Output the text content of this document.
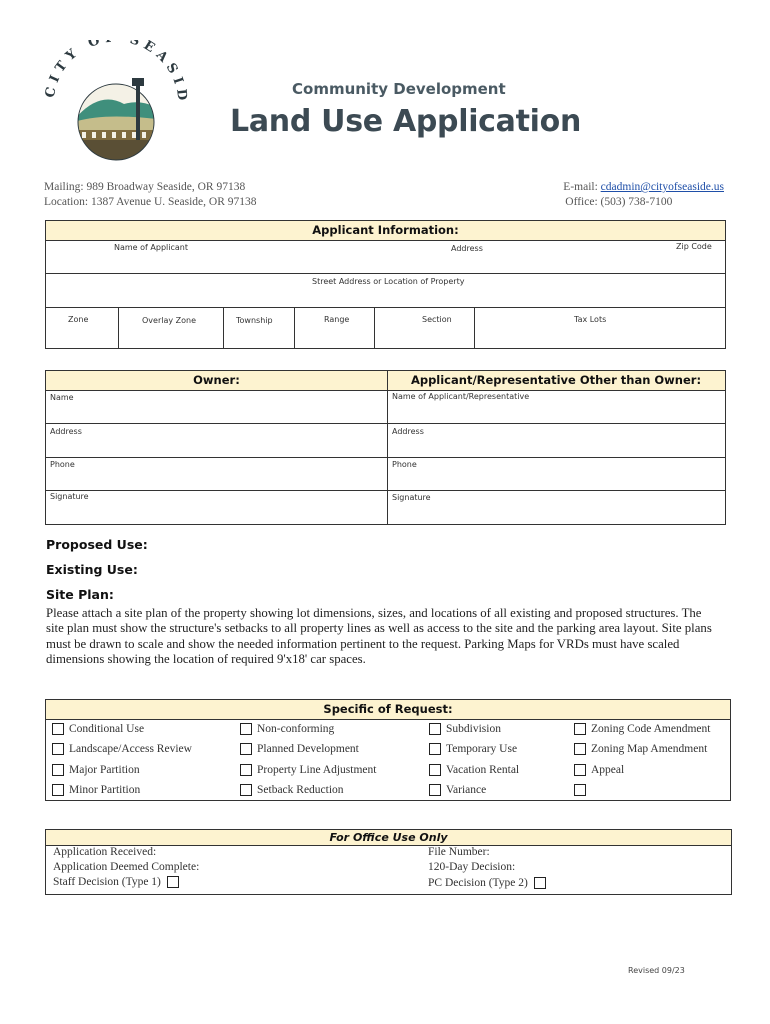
CITY O SEASI	Community Development
Land Use Application
Mailing: 989 Broadway Seaside, OR 97138
Location: 1387 Avenue U. Seaside, OR 97138
E-mail: cdadmin@cityofseaside.us
Office: (503) 738-7100
Applicant Information:
Name of Applicant	Address	Zip Code
Street Address or Location of Property
Zone	Overlay Zone	Township	Range	Section	Tax Lots
Owner:	Applicant/Representative Other than Owner:
Name	Name of Applicant/Representative
Address	Address
Phone	Phone
Signature	Signature
Proposed Use:
Existing Use:
Site Plan:
Please attach a site plan of the property showing lot dimensions, sizes, and locations of all existing and proposed structures. The site plan must show the structure's setbacks to all property lines as well as access to the site and the parking area layout. Site plans must be drawn to scale and show the needed information pertinent to the request. Parking Maps for VRDs must have scaled dimensions showing the location of required 9'x18' car spaces.
Specific of Request:
Conditional Use	Non-conforming	Subdivision	Zoning Code Amendment
Landscape/Access Review	Planned Development	Temporary Use	Zoning Map Amendment
Major Partition	Property Line Adjustment	Vacation Rental	Appeal
Minor Partition	Setback Reduction	Variance
For Office Use Only
Application Received:
Application Deemed Complete:
Staff Decision (Type 1)
File Number:
120-Day Decision:
PC Decision (Type 2)
Revised 09/23
